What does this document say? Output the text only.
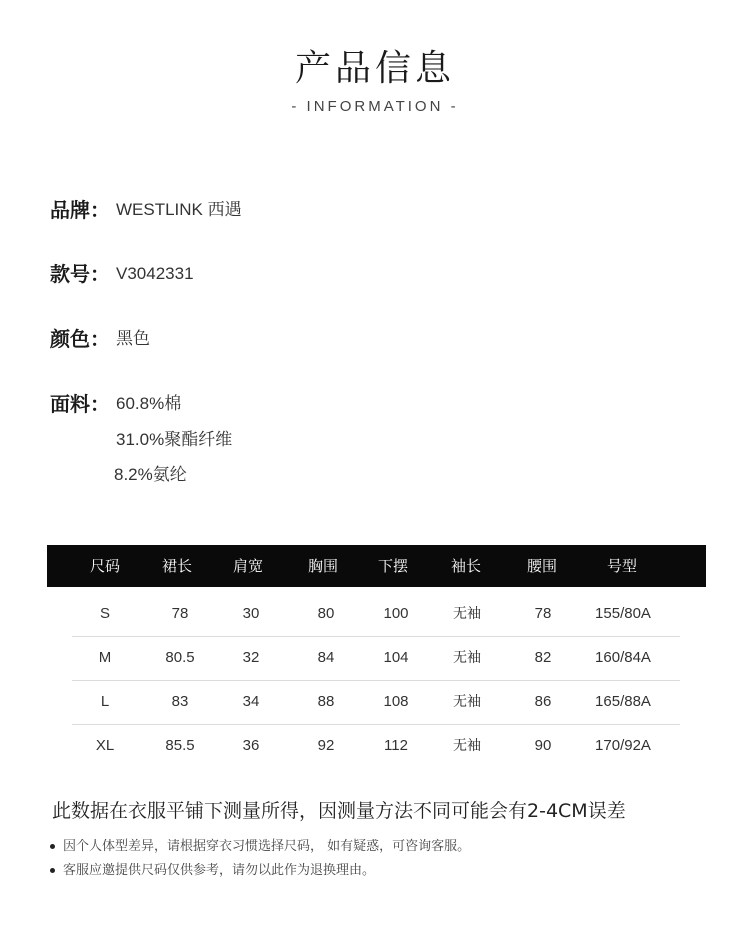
产品信息
- INFORMATION -
品牌： WESTLINK 西遇
款号： V3042331
颜色： 黑色
面料： 60.8%棉
31.0%聚酯纤维
8.2%氨纶
尺码	裙长	肩宽	胸围	下摆	袖长	腰围	号型
S	78	30	80	100	无袖	78	155/80A
M	80.5	32	84	104	无袖	82	160/84A
L	83	34	88	108	无袖	86	165/88A
XL	85.5	36	92	112	无袖	90	170/92A
此数据在衣服平铺下测量所得，因测量方法不同可能会有2-4CM误差
因个人体型差异，请根据穿衣习惯选择尺码， 如有疑惑，可咨询客服。
客服应邀提供尺码仅供参考，请勿以此作为退换理由。
